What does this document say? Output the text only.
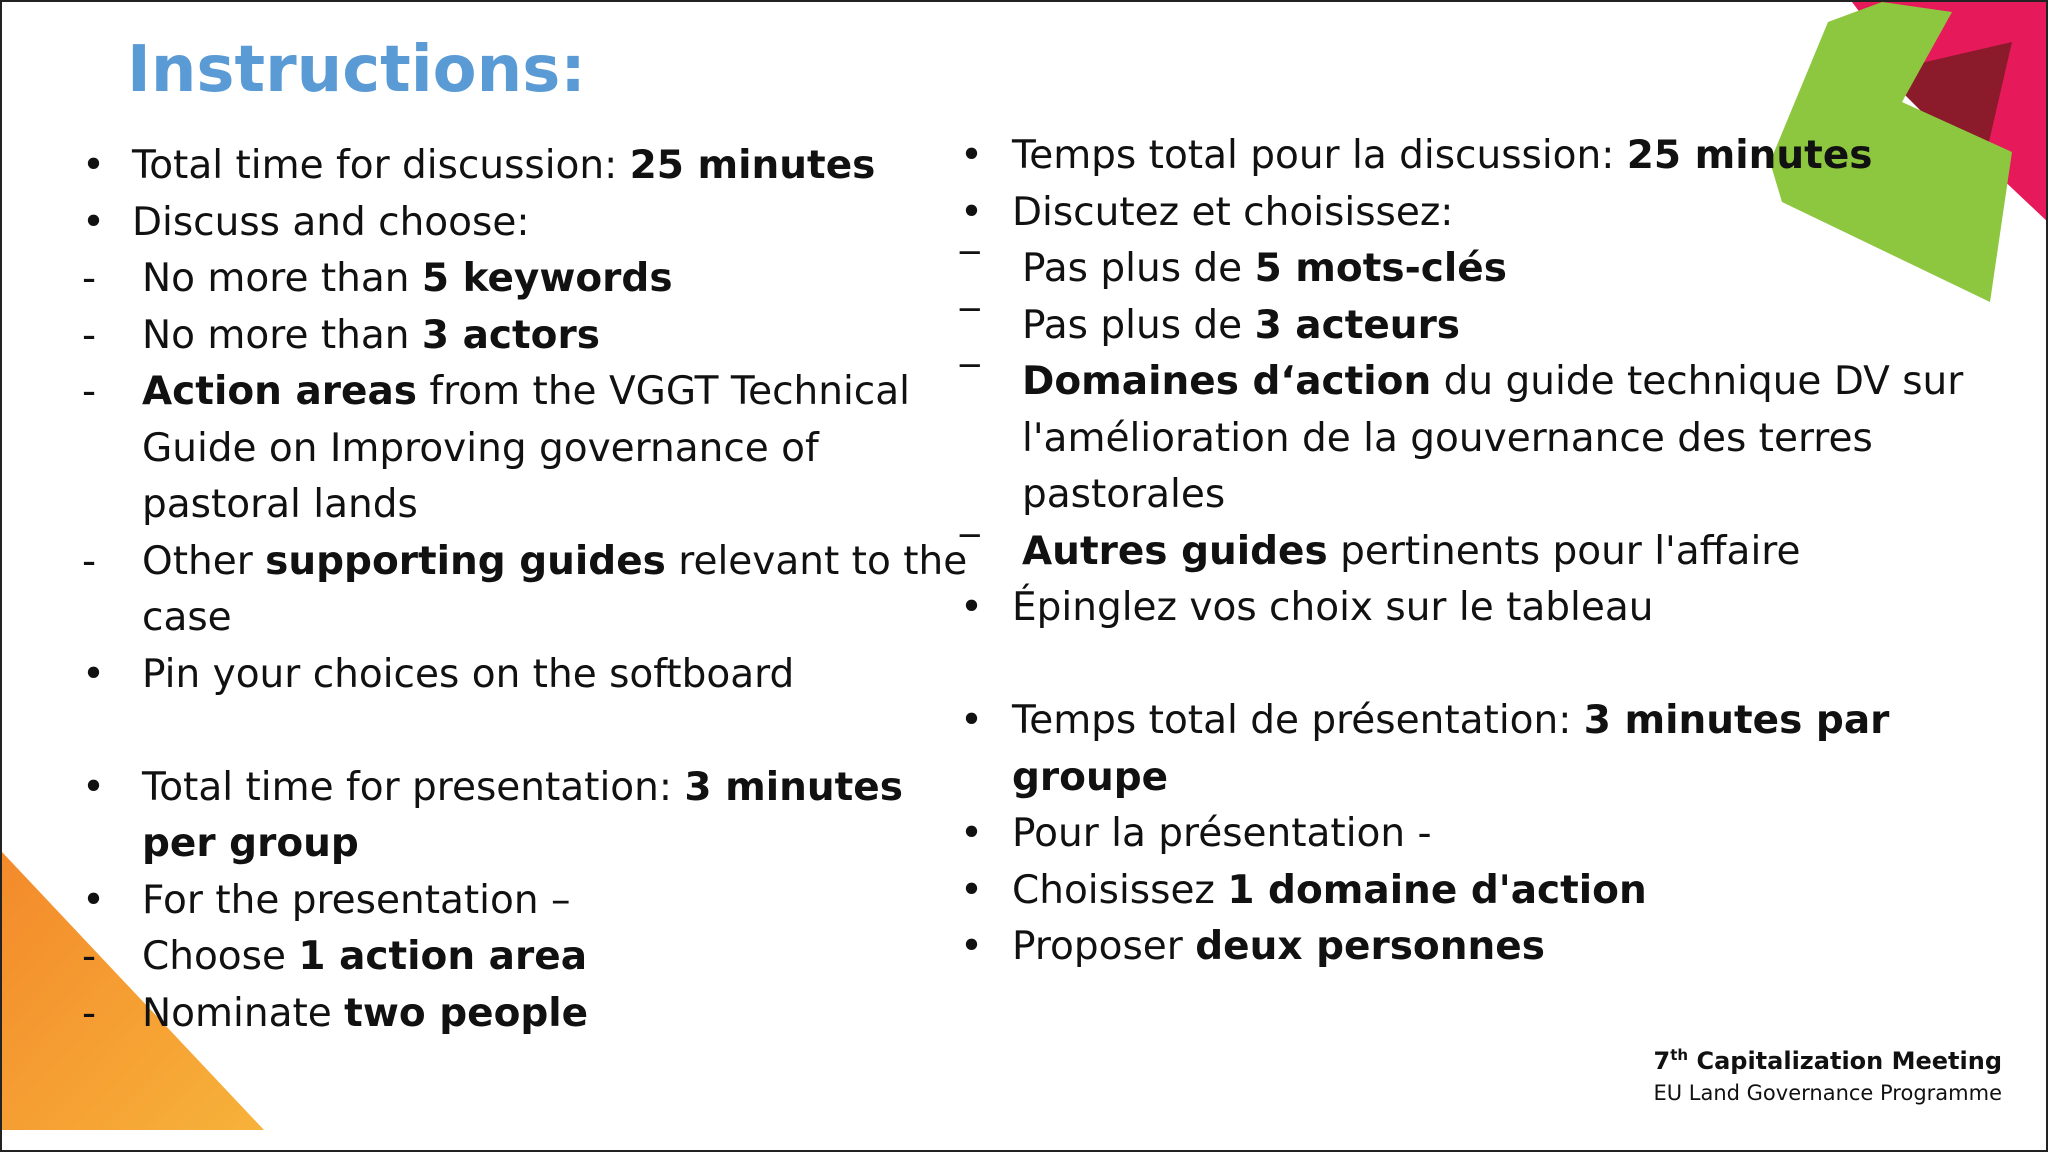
Instructions:
• Total time for discussion: 25 minutes
• Discuss and choose:
-	No more than 5 keywords
-	No more than 3 actors
-	Action areas from the VGGT Technical
Guide on Improving governance of
pastoral lands
-	Other supporting guides relevant to the
case
• Pin your choices on the softboard
• Total time for presentation: 3 minutes
per group
• For the presentation –
-	Choose 1 action area
-	Nominate two people
• Temps total pour la discussion: 25 minutes
• Discutez et choisissez:
‾	Pas plus de 5 mots-clés
‾	Pas plus de 3 acteurs
‾	Domaines d‘action du guide technique DV sur
l'amélioration de la gouvernance des terres
pastorales
‾	Autres guides pertinents pour l'affaire
• Épinglez vos choix sur le tableau
• Temps total de présentation: 3 minutes par
groupe
• Pour la présentation -
• Choisissez 1 domaine d'action
• Proposer deux personnes
7th Capitalization Meeting
EU Land Governance Programme
